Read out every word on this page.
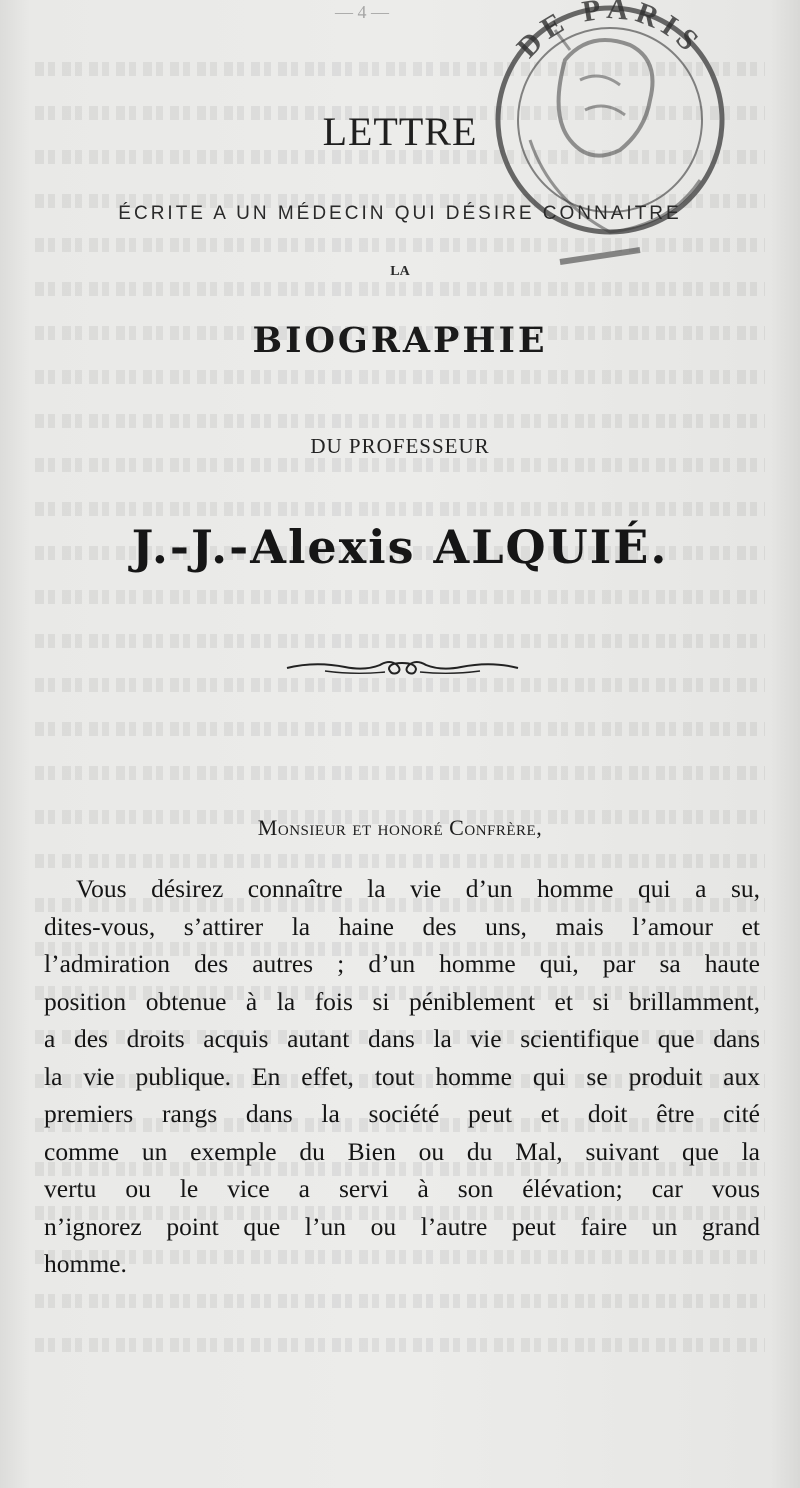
— 4 —
DE PARIS
LETTRE
ÉCRITE A UN MÉDECIN QUI DÉSIRE CONNAITRE
LA
BIOGRAPHIE
DU PROFESSEUR
J.-J.-Alexis ALQUIÉ.
Monsieur et honoré Confrère,
Vous désirez connaître la vie d’un homme qui a su,
dites-vous, s’attirer la haine des uns, mais l’amour et
l’admiration des autres ; d’un homme qui, par sa haute
position obtenue à la fois si péniblement et si brillamment,
a des droits acquis autant dans la vie scientifique que dans
la vie publique. En effet, tout homme qui se produit aux
premiers rangs dans la société peut et doit être cité
comme un exemple du Bien ou du Mal, suivant que la
vertu ou le vice a servi à son élévation; car vous
n’ignorez point que l’un ou l’autre peut faire un grand
homme.
